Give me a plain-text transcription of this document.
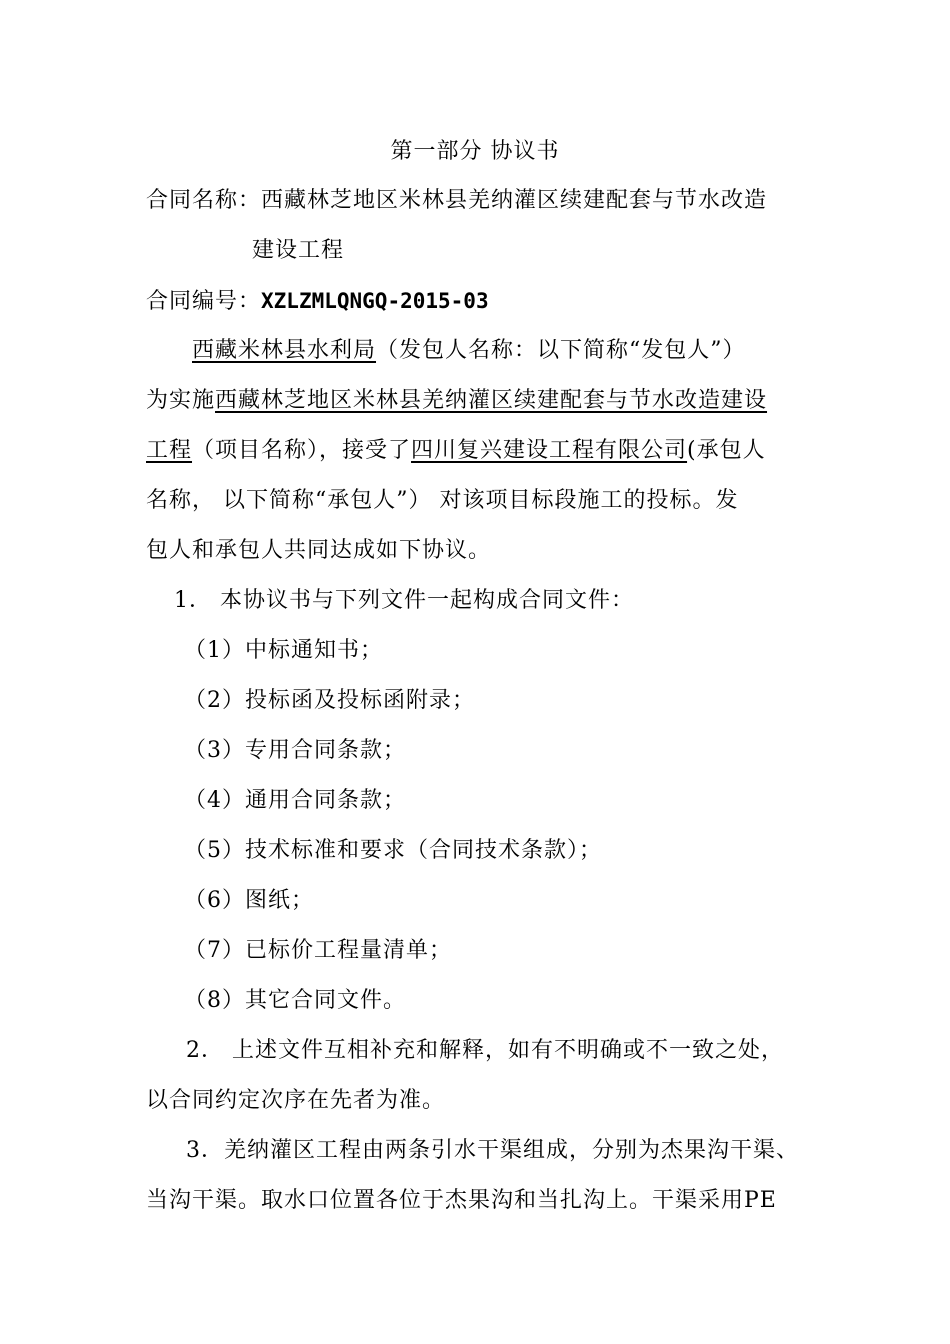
第一部分 协议书
合同名称：西藏林芝地区米林县羌纳灌区续建配套与节水改造
建设工程
合同编号：XZLZMLQNGQ-2015-03
西藏米林县水利局（发包人名称：以下简称“发包人”）
为实施西藏林芝地区米林县羌纳灌区续建配套与节水改造建设
工程（项目名称），接受了四川复兴建设工程有限公司(承包人
名称， 以下简称“承包人”） 对该项目标段施工的投标。发
包人和承包人共同达成如下协议。
1． 本协议书与下列文件一起构成合同文件：
（1）中标通知书；
（2）投标函及投标函附录；
（3）专用合同条款；
（4）通用合同条款；
（5）技术标准和要求（合同技术条款）；
（6）图纸；
（7）已标价工程量清单；
（8）其它合同文件。
2． 上述文件互相补充和解释，如有不明确或不一致之处，
以合同约定次序在先者为准。
3．羌纳灌区工程由两条引水干渠组成，分别为杰果沟干渠、
当沟干渠。取水口位置各位于杰果沟和当扎沟上。干渠采用PE
